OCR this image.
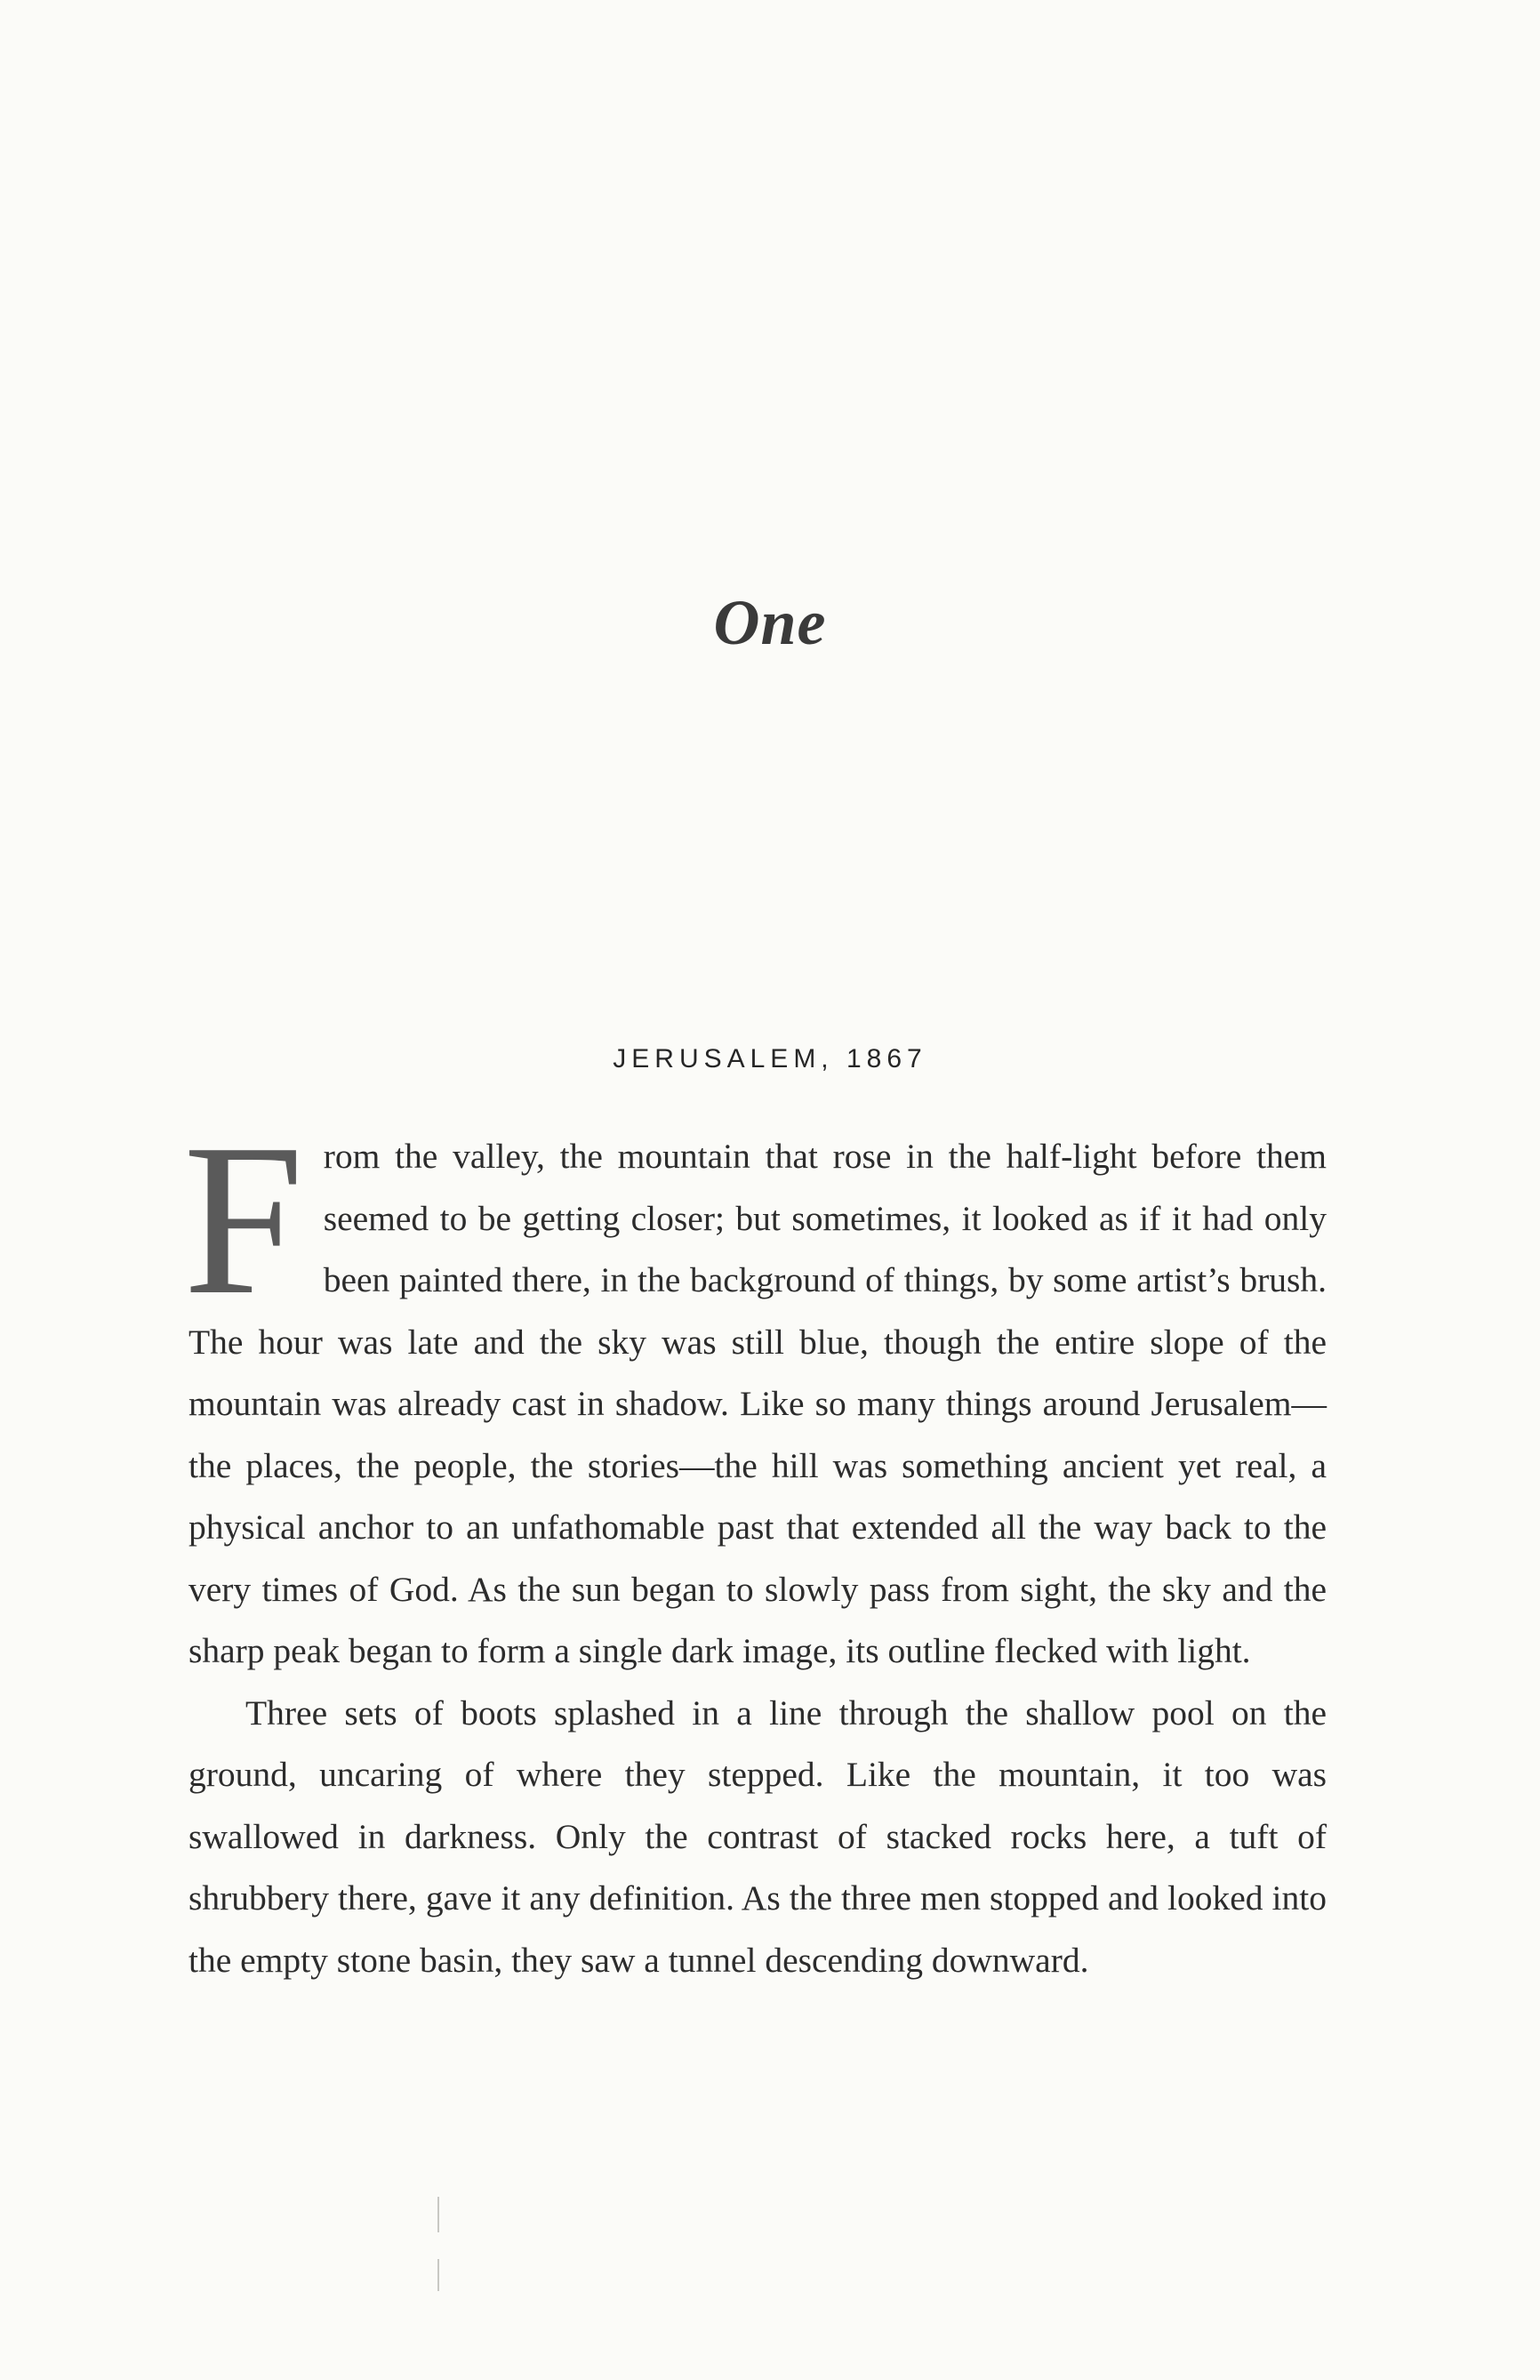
One
JERUSALEM, 1867

From the valley, the mountain that rose in the half-light before them seemed to be getting closer; but sometimes, it looked as if it had only been painted there, in the background of things, by some artist’s brush. The hour was late and the sky was still blue, though the entire slope of the mountain was already cast in shadow. Like so many things around Jerusalem—the places, the people, the stories—the hill was something ancient yet real, a physical anchor to an unfathomable past that extended all the way back to the very times of God. As the sun began to slowly pass from sight, the sky and the sharp peak began to form a single dark image, its outline flecked with light.

Three sets of boots splashed in a line through the shallow pool on the ground, uncaring of where they stepped. Like the mountain, it too was swallowed in darkness. Only the contrast of stacked rocks here, a tuft of shrubbery there, gave it any definition. As the three men stopped and looked into the empty stone basin, they saw a tunnel descending downward.
